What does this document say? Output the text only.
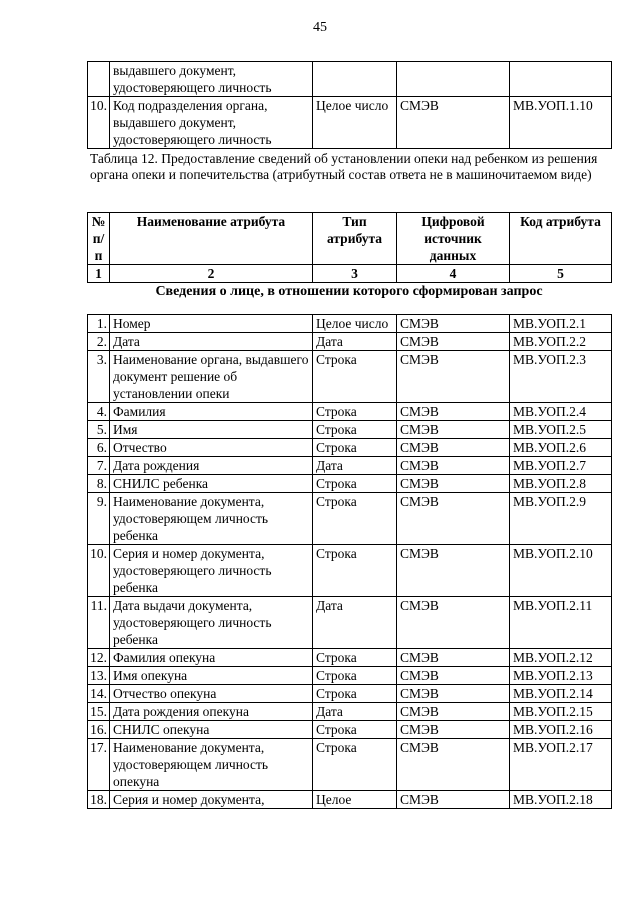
45
	выдавшего документ, удостоверяющего личность			
10.	Код подразделения органа, выдавшего документ, удостоверяющего личность	Целое число	СМЭВ	МВ.УОП.1.10
Таблица 12. Предоставление сведений об установлении опеки над ребенком из решения органа опеки и попечительства (атрибутный состав ответа не в машиночитаемом виде)
№ п/п	Наименование атрибута	Тип атрибута	Цифровой источник данных	Код атрибута
1	2	3	4	5
Сведения о лице, в отношении которого сформирован запрос
1.	Номер	Целое число	СМЭВ	МВ.УОП.2.1
2.	Дата	Дата	СМЭВ	МВ.УОП.2.2
3.	Наименование органа, выдавшего документ решение об установлении опеки	Строка	СМЭВ	МВ.УОП.2.3
4.	Фамилия	Строка	СМЭВ	МВ.УОП.2.4
5.	Имя	Строка	СМЭВ	МВ.УОП.2.5
6.	Отчество	Строка	СМЭВ	МВ.УОП.2.6
7.	Дата рождения	Дата	СМЭВ	МВ.УОП.2.7
8.	СНИЛС ребенка	Строка	СМЭВ	МВ.УОП.2.8
9.	Наименование документа, удостоверяющем личность ребенка	Строка	СМЭВ	МВ.УОП.2.9
10.	Серия и номер документа, удостоверяющего личность ребенка	Строка	СМЭВ	МВ.УОП.2.10
11.	Дата выдачи документа, удостоверяющего личность ребенка	Дата	СМЭВ	МВ.УОП.2.11
12.	Фамилия опекуна	Строка	СМЭВ	МВ.УОП.2.12
13.	Имя опекуна	Строка	СМЭВ	МВ.УОП.2.13
14.	Отчество опекуна	Строка	СМЭВ	МВ.УОП.2.14
15.	Дата рождения опекуна	Дата	СМЭВ	МВ.УОП.2.15
16.	СНИЛС опекуна	Строка	СМЭВ	МВ.УОП.2.16
17.	Наименование документа, удостоверяющем личность опекуна	Строка	СМЭВ	МВ.УОП.2.17
18.	Серия и номер документа,	Целое	СМЭВ	МВ.УОП.2.18
